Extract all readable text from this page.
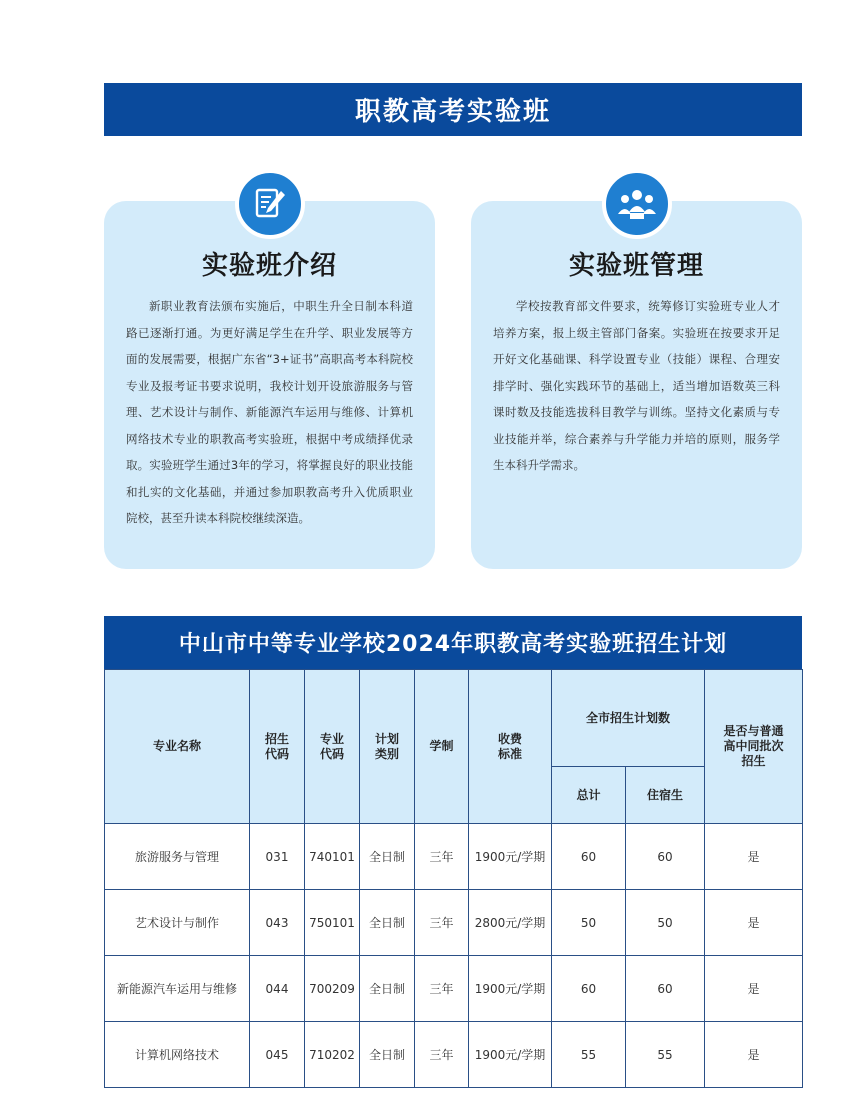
职教高考实验班
实验班介绍
新职业教育法颁布实施后，中职生升全日制本科道路已逐渐打通。为更好满足学生在升学、职业发展等方面的发展需要，根据广东省“3+证书”高职高考本科院校专业及报考证书要求说明，我校计划开设旅游服务与管理、艺术设计与制作、新能源汽车运用与维修、计算机网络技术专业的职教高考实验班，根据中考成绩择优录取。实验班学生通过3年的学习，将掌握良好的职业技能和扎实的文化基础，并通过参加职教高考升入优质职业院校，甚至升读本科院校继续深造。
实验班管理
学校按教育部文件要求，统筹修订实验班专业人才培养方案，报上级主管部门备案。实验班在按要求开足开好文化基础课、科学设置专业（技能）课程、合理安排学时、强化实践环节的基础上，适当增加语数英三科课时数及技能选拔科目教学与训练。坚持文化素质与专业技能并举，综合素养与升学能力并培的原则，服务学生本科升学需求。
中山市中等专业学校2024年职教高考实验班招生计划
专业名称	招生代码	专业代码	计划类别	学制	收费标准	全市招生计划数		是否与普通高中同批次招生
						总计	住宿生	
旅游服务与管理	031	740101	全日制	三年	1900元/学期	60	60	是
艺术设计与制作	043	750101	全日制	三年	2800元/学期	50	50	是
新能源汽车运用与维修	044	700209	全日制	三年	1900元/学期	60	60	是
计算机网络技术	045	710202	全日制	三年	1900元/学期	55	55	是
